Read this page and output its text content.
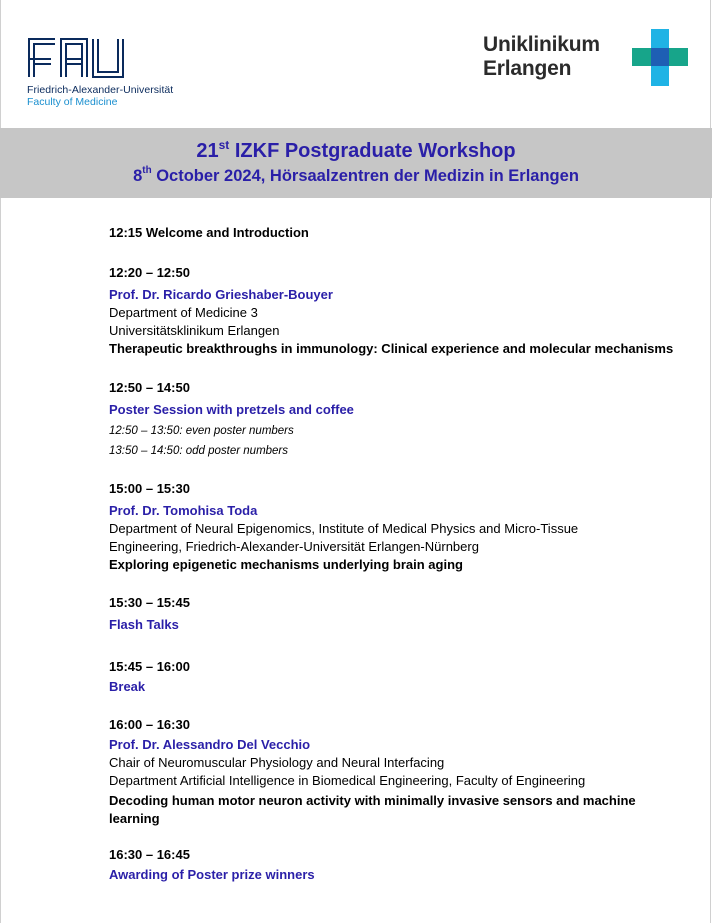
Friedrich-Alexander-Universität
Faculty of Medicine
Uniklinikum
Erlangen
21st IZKF Postgraduate Workshop
8th October 2024, Hörsaalzentren der Medizin in Erlangen

12:15 Welcome and Introduction

12:20 – 12:50

Prof. Dr. Ricardo Grieshaber-Bouyer

Department of Medicine 3

Universitätsklinikum Erlangen

Therapeutic breakthroughs in immunology: Clinical experience and molecular mechanisms

12:50 – 14:50

Poster Session with pretzels and coffee

12:50 – 13:50: even poster numbers

13:50 – 14:50: odd poster numbers

15:00 – 15:30

Prof. Dr. Tomohisa Toda

Department of Neural Epigenomics, Institute of Medical Physics and Micro-Tissue

Engineering, Friedrich-Alexander-Universität Erlangen-Nürnberg

Exploring epigenetic mechanisms underlying brain aging

15:30 – 15:45

Flash Talks

15:45 – 16:00

Break

16:00 – 16:30

Prof. Dr. Alessandro Del Vecchio

Chair of Neuromuscular Physiology and Neural Interfacing

Department Artificial Intelligence in Biomedical Engineering, Faculty of Engineering

Decoding human motor neuron activity with minimally invasive sensors and machine learning

16:30 – 16:45

Awarding of Poster prize winners
